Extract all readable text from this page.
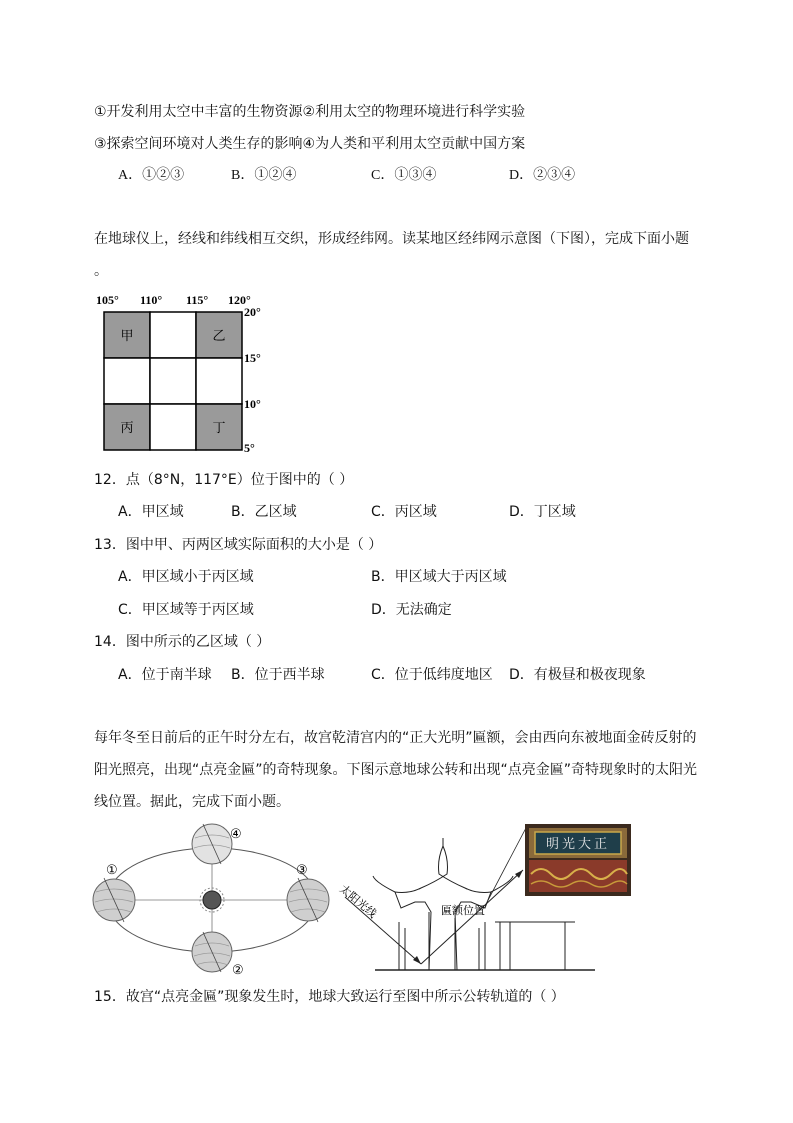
①开发利用太空中丰富的生物资源②利用太空的物理环境进行科学实验
③探索空间环境对人类生存的影响④为人类和平利用太空贡献中国方案
A．①②③	B．①②④	C．①③④	D．②③④
在地球仪上，经线和纬线相互交织，形成经纬网。读某地区经纬网示意图（下图），完成下面小题
。
105° 110° 115° 120°
甲	乙
丙	丁
20°
15°
10°
5°
12．点（8°N，117°E）位于图中的（ ）
A．甲区域	B．乙区域	C．丙区域	D．丁区域
13．图中甲、丙两区域实际面积的大小是（ ）
A．甲区域小于丙区域	B．甲区域大于丙区域
C．甲区域等于丙区域	D．无法确定
14．图中所示的乙区域（ ）
A．位于南半球 B．位于西半球	C．位于低纬度地区 D．有极昼和极夜现象
每年冬至日前后的正午时分左右，故宫乾清宫内的“正大光明”匾额，会由西向东被地面金砖反射的
阳光照亮，出现“点亮金匾”的奇特现象。下图示意地球公转和出现“点亮金匾”奇特现象时的太阳光
线位置。据此，完成下面小题。
①
②
③
④
太阳光线	匾额位置
明光大正
15．故宫“点亮金匾”现象发生时，地球大致运行至图中所示公转轨道的（ ）
